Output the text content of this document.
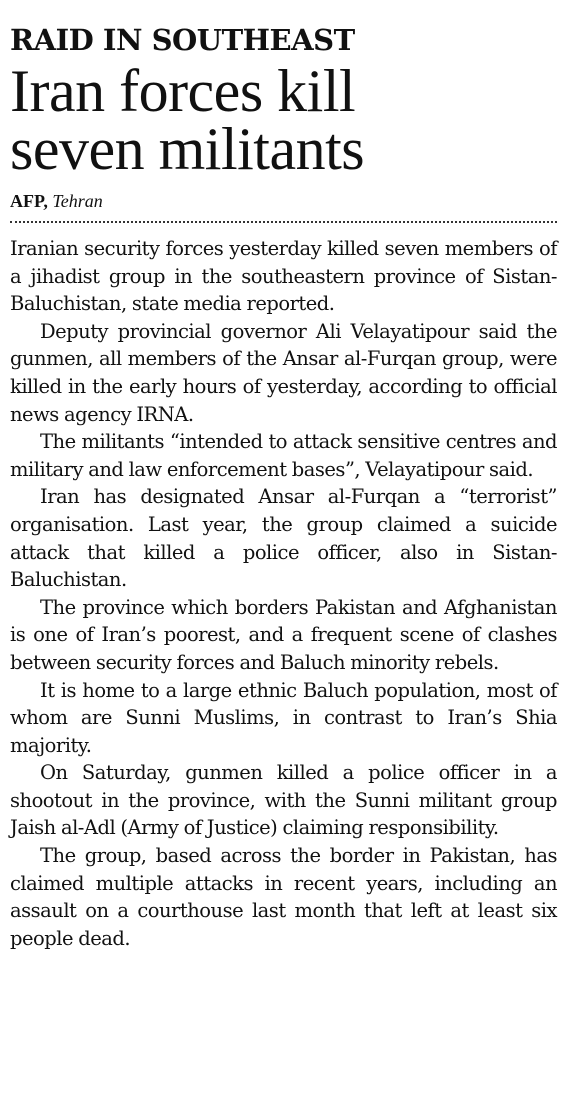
RAID IN SOUTHEAST
Iran forces kill
seven militants
AFP, Tehran

Iranian security forces yesterday killed seven members of a jihadist group in the southeastern province of Sistan-Baluchistan, state media reported.

Deputy provincial governor Ali Velayatipour said the gunmen, all members of the Ansar al-Furqan group, were killed in the early hours of yesterday, according to official news agency IRNA.

The militants “intended to attack sensitive centres and military and law enforcement bases”, Velayatipour said.

Iran has designated Ansar al-Furqan a “terrorist” organisation. Last year, the group claimed a suicide attack that killed a police officer, also in Sistan-Baluchistan.

The province which borders Pakistan and Afghanistan is one of Iran’s poorest, and a frequent scene of clashes between security forces and Baluch minority rebels.

It is home to a large ethnic Baluch population, most of whom are Sunni Muslims, in contrast to Iran’s Shia majority.

On Saturday, gunmen killed a police officer in a shootout in the province, with the Sunni militant group Jaish al-Adl (Army of Justice) claiming responsibility.

The group, based across the border in Pakistan, has claimed multiple attacks in recent years, including an assault on a courthouse last month that left at least six people dead.
